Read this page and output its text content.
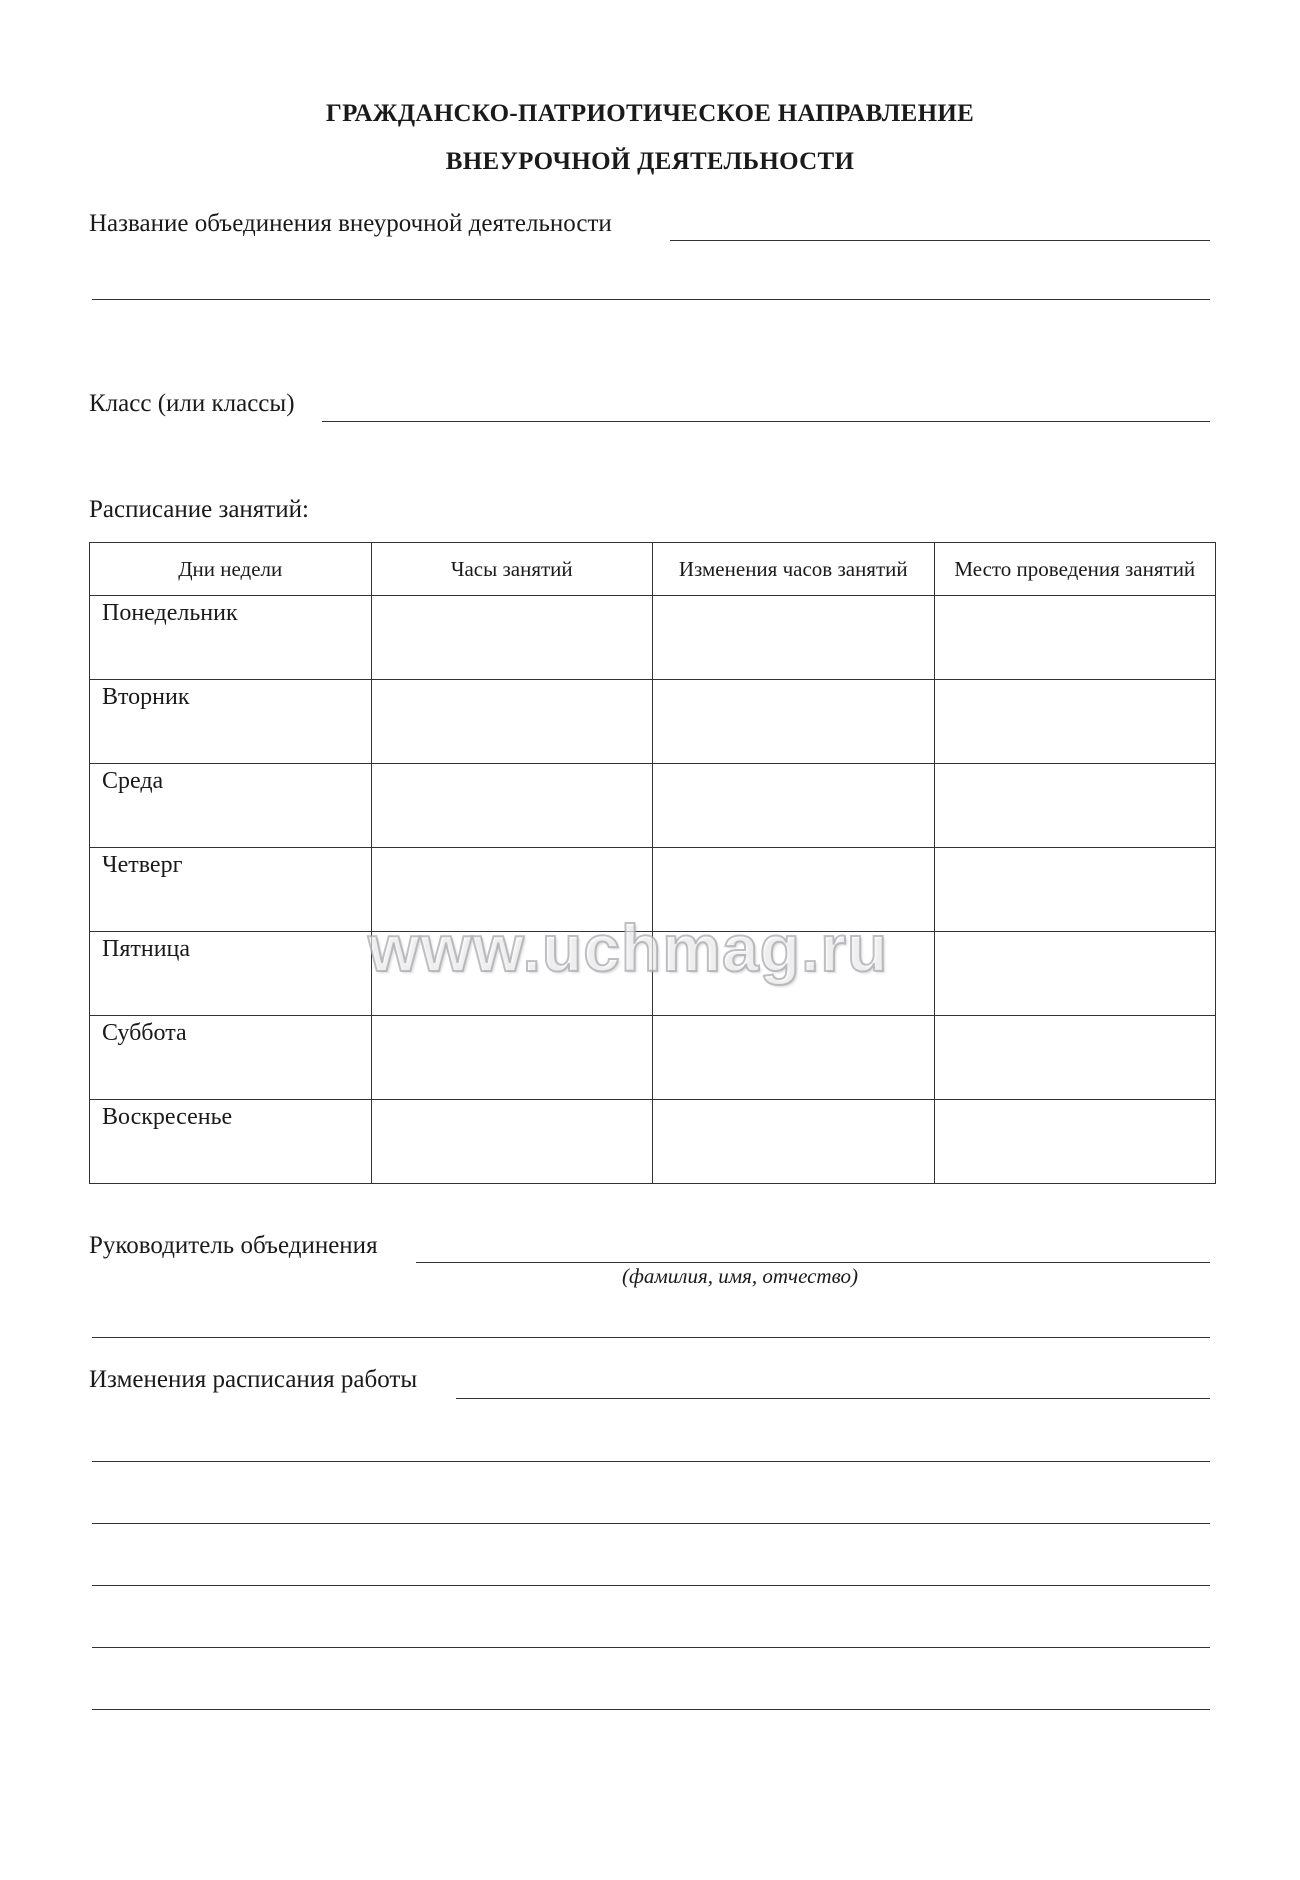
ГРАЖДАНСКО-ПАТРИОТИЧЕСКОЕ НАПРАВЛЕНИЕ
ВНЕУРОЧНОЙ ДЕЯТЕЛЬНОСТИ
Название объединения внеурочной деятельности
Класс (или классы)
Расписание занятий:
Дни недели	Часы занятий	Изменения часов занятий	Место проведения занятий
Понедельник			
Вторник			
Среда			
Четверг			
Пятница			
Суббота			
Воскресенье			
www.uchmag.ru
Руководитель объединения
(фамилия, имя, отчество)
Изменения расписания работы
